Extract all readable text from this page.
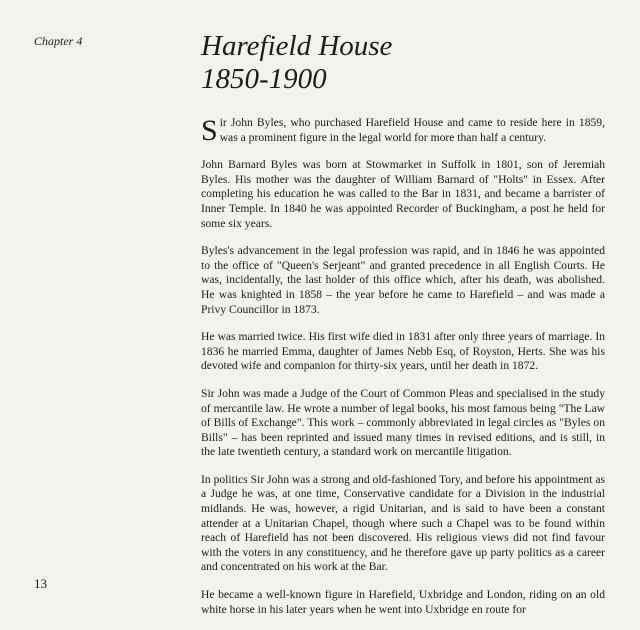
Chapter 4	Harefield House
1850-1900

Sir John Byles, who purchased Harefield House and came to reside here in 1859, was a prominent figure in the legal world for more than half a century.

John Barnard Byles was born at Stowmarket in Suffolk in 1801, son of Jeremiah Byles. His mother was the daughter of William Barnard of "Holts" in Essex. After completing his education he was called to the Bar in 1831, and became a barrister of Inner Temple. In 1840 he was appointed Recorder of Buckingham, a post he held for some six years.

Byles's advancement in the legal profession was rapid, and in 1846 he was appointed to the office of "Queen's Serjeant" and granted precedence in all English Courts. He was, incidentally, the last holder of this office which, after his death, was abolished. He was knighted in 1858 – the year before he came to Harefield – and was made a Privy Councillor in 1873.

He was married twice. His first wife died in 1831 after only three years of marriage. In 1836 he married Emma, daughter of James Nebb Esq, of Royston, Herts. She was his devoted wife and companion for thirty-six years, until her death in 1872.

Sir John was made a Judge of the Court of Common Pleas and specialised in the study of mercantile law. He wrote a number of legal books, his most famous being "The Law of Bills of Exchange". This work – commonly abbreviated in legal circles as "Byles on Bills" – has been reprinted and issued many times in revised editions, and is still, in the late twentieth century, a standard work on mercantile litigation.

In politics Sir John was a strong and old-fashioned Tory, and before his appointment as a Judge he was, at one time, Conservative candidate for a Division in the industrial midlands. He was, however, a rigid Unitarian, and is said to have been a constant attender at a Unitarian Chapel, though where such a Chapel was to be found within reach of Harefield has not been discovered. His religious views did not find favour with the voters in any constituency, and he therefore gave up party politics as a career and concentrated on his work at the Bar.

He became a well-known figure in Harefield, Uxbridge and London, riding on an old white horse in his later years when he went into Uxbridge en route for

13
